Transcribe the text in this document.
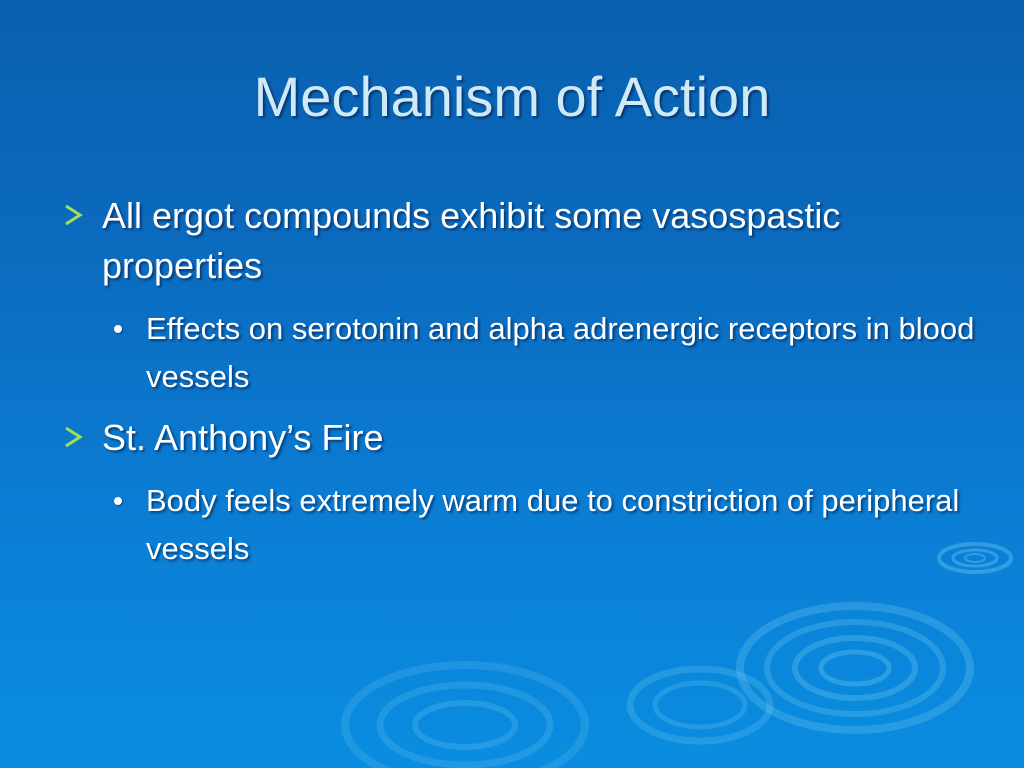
Mechanism of Action
All ergot compounds exhibit some vasospastic properties
Effects on serotonin and alpha adrenergic receptors in blood vessels
St. Anthony’s Fire
Body feels extremely warm due to constriction of peripheral vessels
